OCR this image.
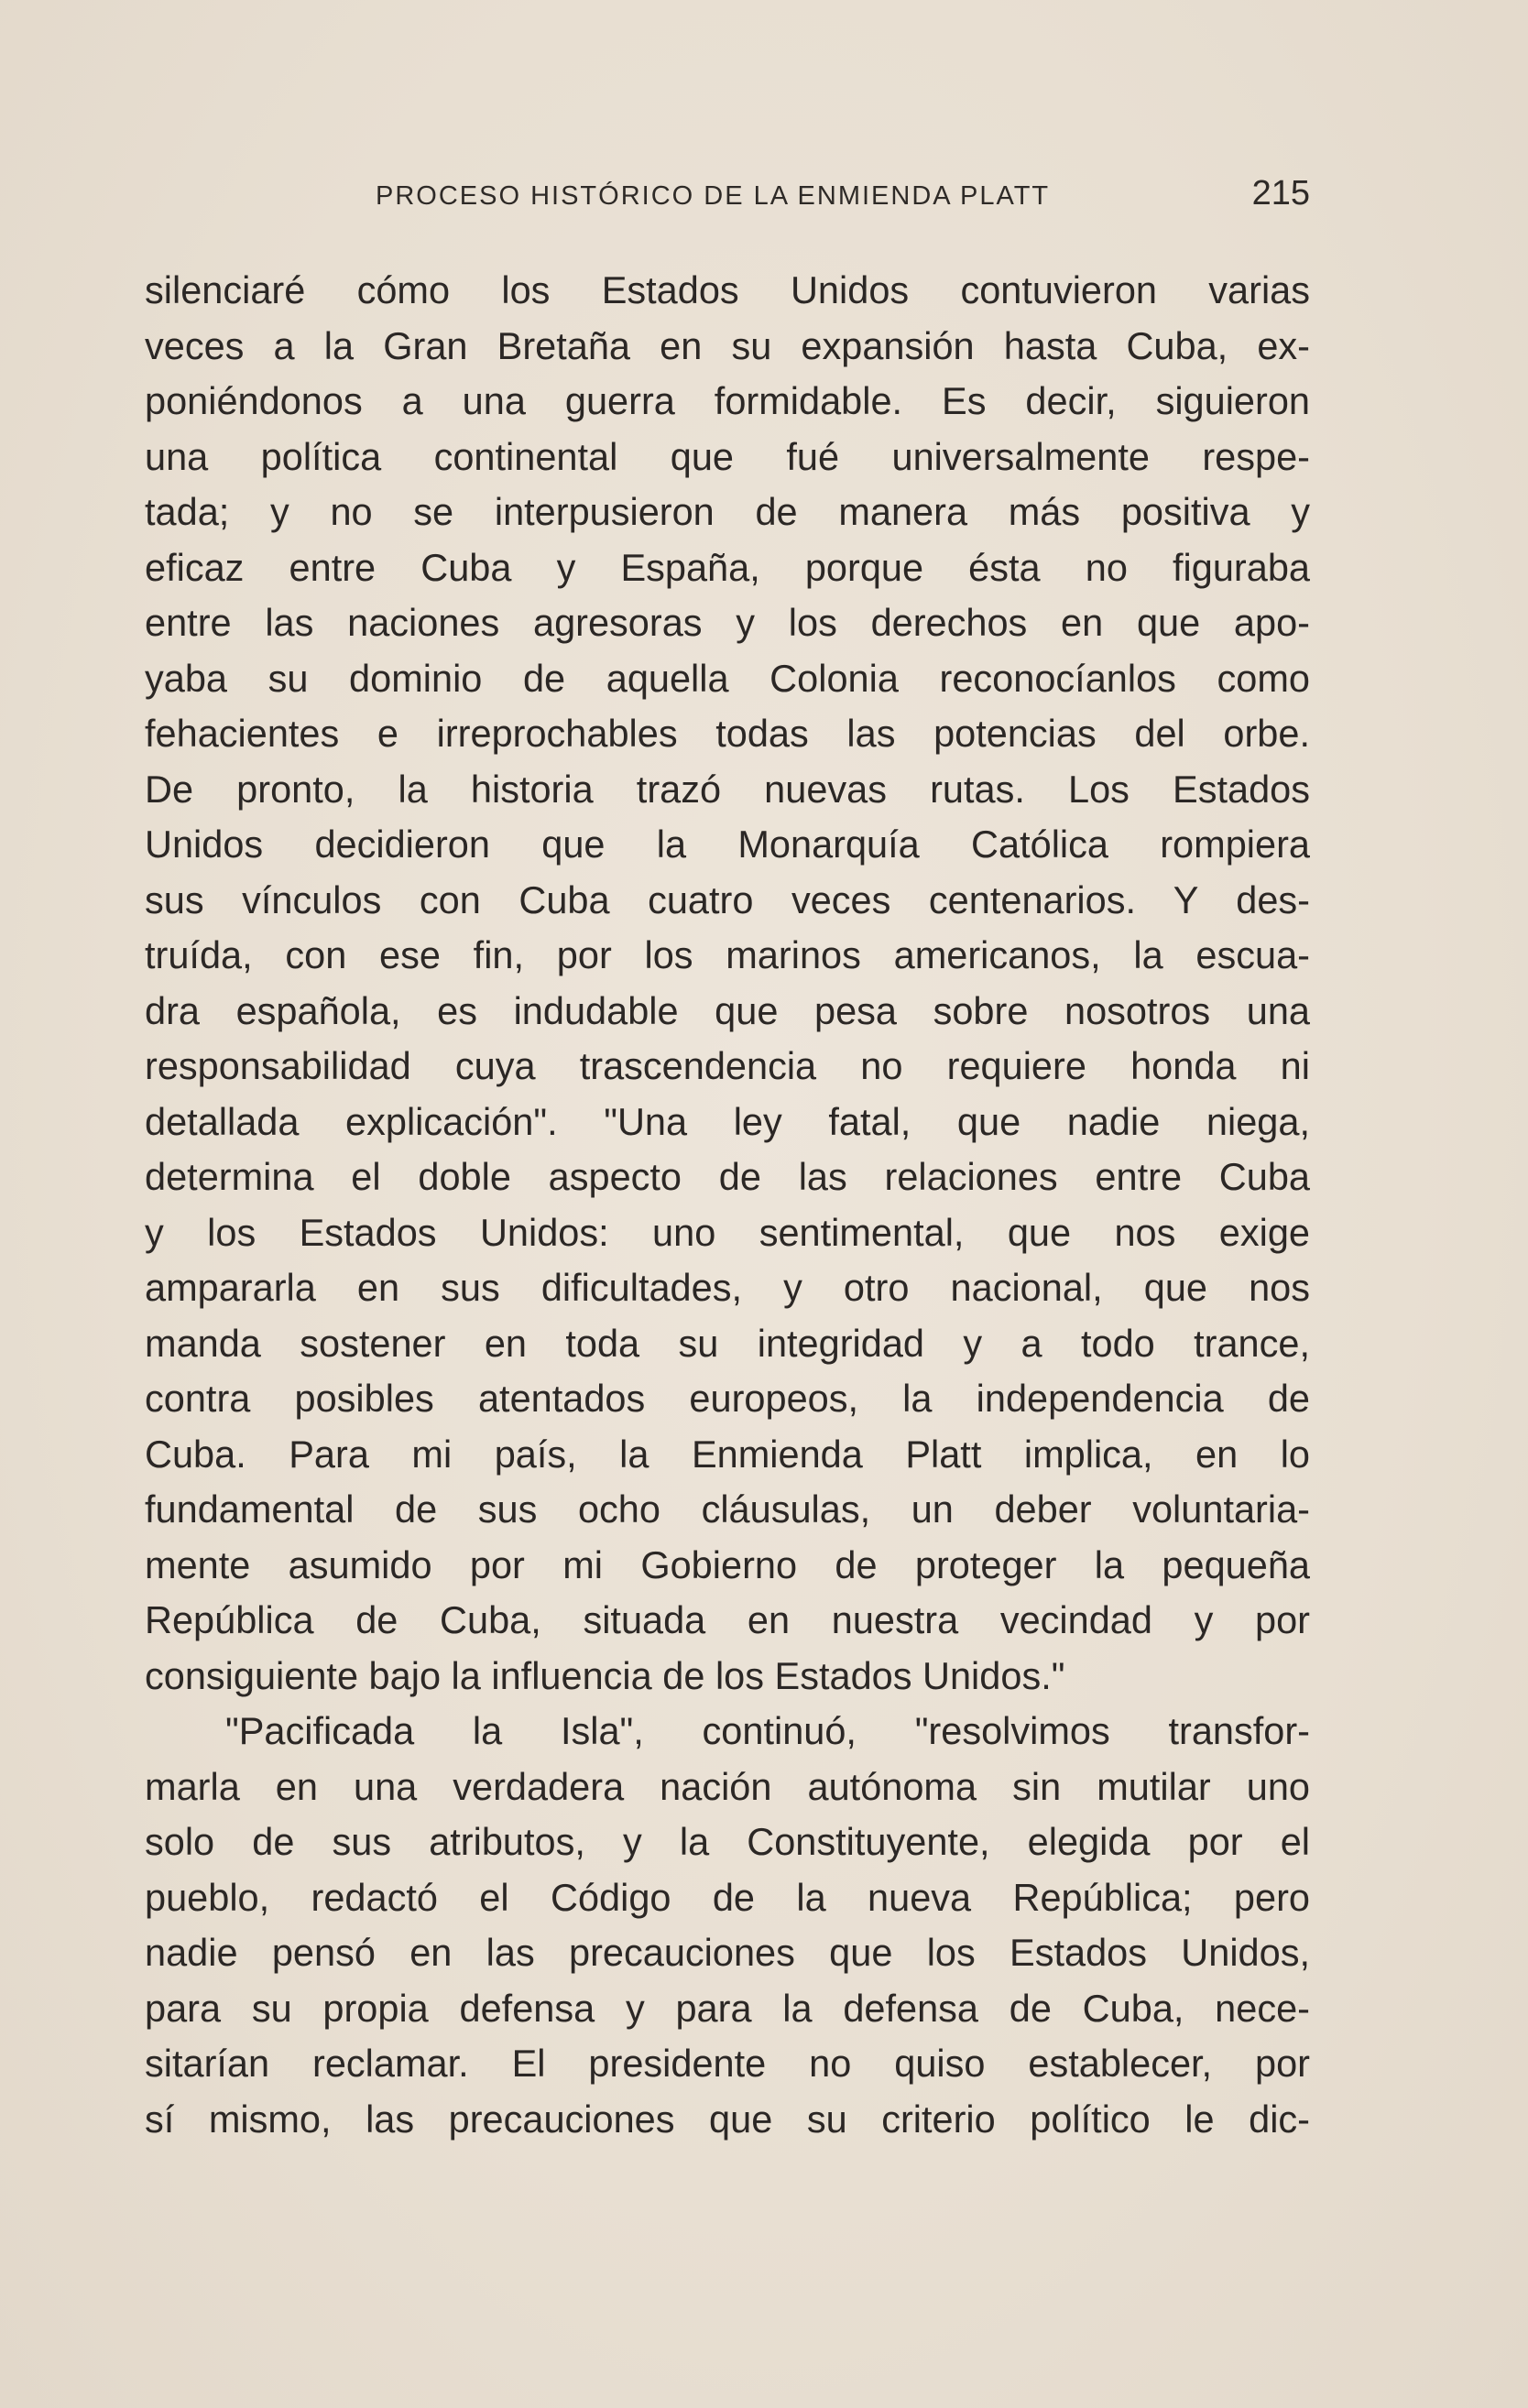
PROCESO HISTÓRICO DE LA ENMIENDA PLATT	215
silenciaré cómo los Estados Unidos contuvieron varias
veces a la Gran Bretaña en su expansión hasta Cuba, ex-
poniéndonos a una guerra formidable. Es decir, siguieron
una política continental que fué universalmente respe-
tada; y no se interpusieron de manera más positiva y
eficaz entre Cuba y España, porque ésta no figuraba
entre las naciones agresoras y los derechos en que apo-
yaba su dominio de aquella Colonia reconocíanlos como
fehacientes e irreprochables todas las potencias del orbe.
De pronto, la historia trazó nuevas rutas. Los Estados
Unidos decidieron que la Monarquía Católica rompiera
sus vínculos con Cuba cuatro veces centenarios. Y des-
truída, con ese fin, por los marinos americanos, la escua-
dra española, es indudable que pesa sobre nosotros una
responsabilidad cuya trascendencia no requiere honda ni
detallada explicación". "Una ley fatal, que nadie niega,
determina el doble aspecto de las relaciones entre Cuba
y los Estados Unidos: uno sentimental, que nos exige
ampararla en sus dificultades, y otro nacional, que nos
manda sostener en toda su integridad y a todo trance,
contra posibles atentados europeos, la independencia de
Cuba. Para mi país, la Enmienda Platt implica, en lo
fundamental de sus ocho cláusulas, un deber voluntaria-
mente asumido por mi Gobierno de proteger la pequeña
República de Cuba, situada en nuestra vecindad y por
consiguiente bajo la influencia de los Estados Unidos."
"Pacificada la Isla", continuó, "resolvimos transfor-
marla en una verdadera nación autónoma sin mutilar uno
solo de sus atributos, y la Constituyente, elegida por el
pueblo, redactó el Código de la nueva República; pero
nadie pensó en las precauciones que los Estados Unidos,
para su propia defensa y para la defensa de Cuba, nece-
sitarían reclamar. El presidente no quiso establecer, por
sí mismo, las precauciones que su criterio político le dic-
